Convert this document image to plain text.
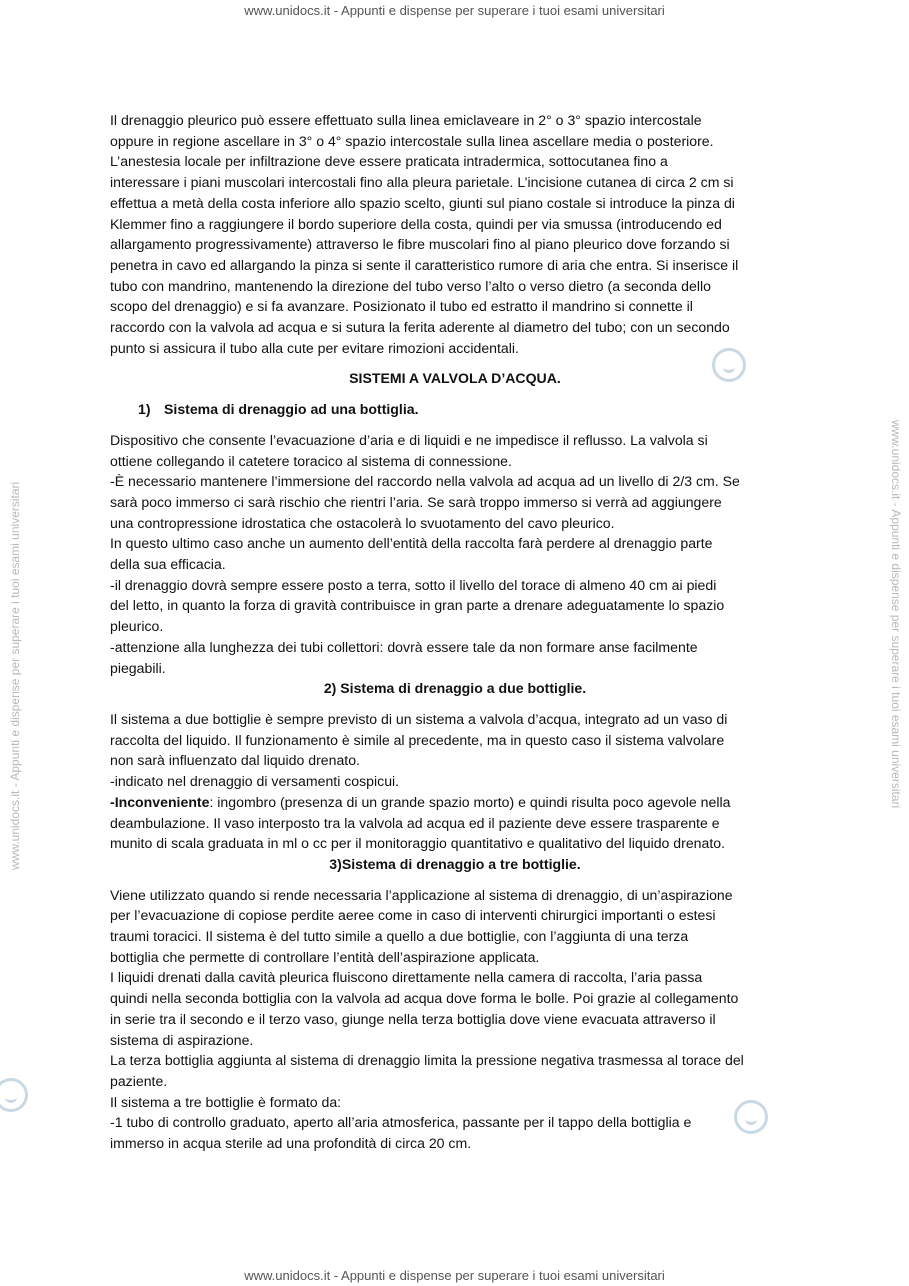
www.unidocs.it - Appunti e dispense per superare i tuoi esami universitari
www.unidocs.it - Appunti e dispense per superare i tuoi esami universitari	www.unidocs.it - Appunti e dispense per superare i tuoi esami universitari

Il drenaggio pleurico può essere effettuato sulla linea emiclaveare in 2° o 3° spazio intercostale

oppure in regione ascellare in 3° o 4° spazio intercostale sulla linea ascellare media o posteriore.

L’anestesia locale per infiltrazione deve essere praticata intradermica, sottocutanea fino a

interessare i piani muscolari intercostali fino alla pleura parietale. L’incisione cutanea di circa 2 cm si

effettua a metà della costa inferiore allo spazio scelto, giunti sul piano costale si introduce la pinza di

Klemmer fino a raggiungere il bordo superiore della costa, quindi per via smussa (introducendo ed

allargamento progressivamente) attraverso le fibre muscolari fino al piano pleurico dove forzando si

penetra in cavo ed allargando la pinza si sente il caratteristico rumore di aria che entra. Si inserisce il

tubo con mandrino, mantenendo la direzione del tubo verso l’alto o verso dietro (a seconda dello

scopo del drenaggio) e si fa avanzare. Posizionato il tubo ed estratto il mandrino si connette il

raccordo con la valvola ad acqua e si sutura la ferita aderente al diametro del tubo; con un secondo

punto si assicura il tubo alla cute per evitare rimozioni accidentali.

SISTEMI A VALVOLA D’ACQUA.

1) Sistema di drenaggio ad una bottiglia.

Dispositivo che consente l’evacuazione d’aria e di liquidi e ne impedisce il reflusso. La valvola si

ottiene collegando il catetere toracico al sistema di connessione.

-È necessario mantenere l’immersione del raccordo nella valvola ad acqua ad un livello di 2/3 cm. Se

sarà poco immerso ci sarà rischio che rientri l’aria. Se sarà troppo immerso si verrà ad aggiungere

una contropressione idrostatica che ostacolerà lo svuotamento del cavo pleurico.

In questo ultimo caso anche un aumento dell’entità della raccolta farà perdere al drenaggio parte

della sua efficacia.

-il drenaggio dovrà sempre essere posto a terra, sotto il livello del torace di almeno 40 cm ai piedi

del letto, in quanto la forza di gravità contribuisce in gran parte a drenare adeguatamente lo spazio

pleurico.

-attenzione alla lunghezza dei tubi collettori: dovrà essere tale da non formare anse facilmente

piegabili.

2) Sistema di drenaggio a due bottiglie.

Il sistema a due bottiglie è sempre previsto di un sistema a valvola d’acqua, integrato ad un vaso di

raccolta del liquido. Il funzionamento è simile al precedente, ma in questo caso il sistema valvolare

non sarà influenzato dal liquido drenato.

-indicato nel drenaggio di versamenti cospicui.

-Inconveniente: ingombro (presenza di un grande spazio morto) e quindi risulta poco agevole nella

deambulazione. Il vaso interposto tra la valvola ad acqua ed il paziente deve essere trasparente e

munito di scala graduata in ml o cc per il monitoraggio quantitativo e qualitativo del liquido drenato.

3)Sistema di drenaggio a tre bottiglie.

Viene utilizzato quando si rende necessaria l’applicazione al sistema di drenaggio, di un’aspirazione

per l’evacuazione di copiose perdite aeree come in caso di interventi chirurgici importanti o estesi

traumi toracici. Il sistema è del tutto simile a quello a due bottiglie, con l’aggiunta di una terza

bottiglia che permette di controllare l’entità dell’aspirazione applicata.

I liquidi drenati dalla cavità pleurica fluiscono direttamente nella camera di raccolta, l’aria passa

quindi nella seconda bottiglia con la valvola ad acqua dove forma le bolle. Poi grazie al collegamento

in serie tra il secondo e il terzo vaso, giunge nella terza bottiglia dove viene evacuata attraverso il

sistema di aspirazione.

La terza bottiglia aggiunta al sistema di drenaggio limita la pressione negativa trasmessa al torace del

paziente.

Il sistema a tre bottiglie è formato da:

-1 tubo di controllo graduato, aperto all’aria atmosferica, passante per il tappo della bottiglia e

immerso in acqua sterile ad una profondità di circa 20 cm.

www.unidocs.it - Appunti e dispense per superare i tuoi esami universitari
